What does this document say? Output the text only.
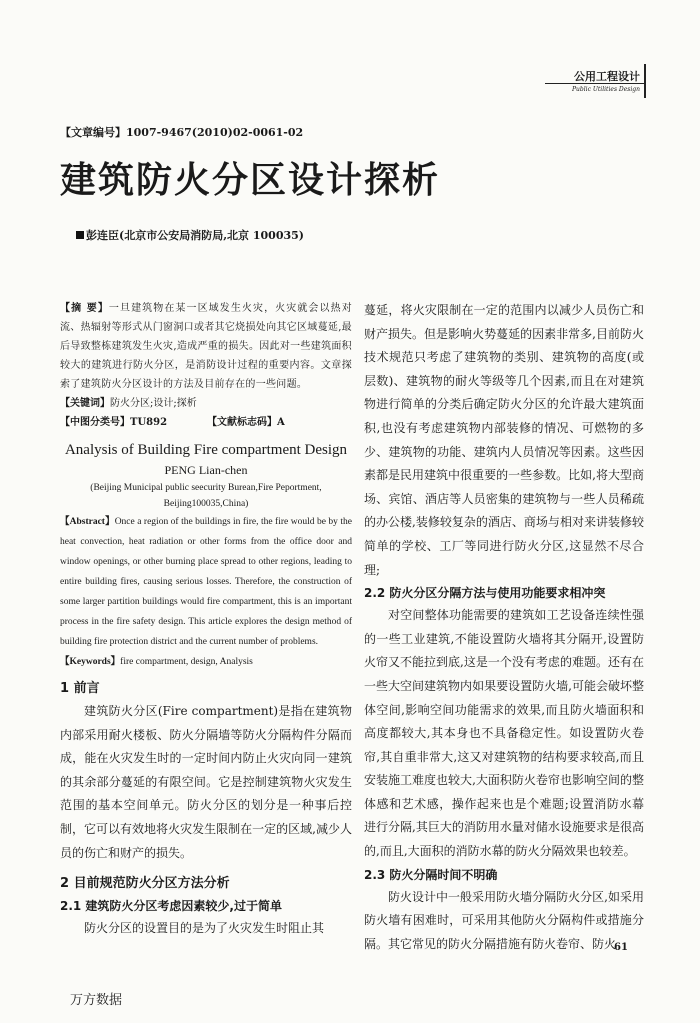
公用工程设计
Public Utilities Design
【文章编号】1007-9467(2010)02-0061-02
建筑防火分区设计探析
彭连臣(北京市公安局消防局,北京 100035)
【摘 要】一旦建筑物在某一区域发生火灾，火灾就会以热对流、热辐射等形式从门窗洞口或者其它烧损处向其它区域蔓延,最后导致整栋建筑发生火灾,造成严重的损失。因此对一些建筑面积较大的建筑进行防火分区，是消防设计过程的重要内容。文章探索了建筑防火分区设计的方法及目前存在的一些问题。
【关键词】防火分区;设计;探析
【中图分类号】TU892	【文献标志码】A
Analysis of Building Fire compartment Design
PENG Lian-chen
(Beijing Municipal public seecurity Burean,Fire Peportment,
Beijing100035,China)
【Abstract】Once a region of the buildings in fire, the fire would be by the heat convection, heat radiation or other forms from the office door and window openings, or other burning place spread to other regions, leading to entire building fires, causing serious losses. Therefore, the construction of some larger partition buildings would fire compartment, this is an important process in the fire safety design. This article explores the design method of building fire protection district and the current number of problems.
【Keywords】fire compartment, design, Analysis
1 前言

建筑防火分区(Fire compartment)是指在建筑物内部采用耐火楼板、防火分隔墙等防火分隔构件分隔而成，能在火灾发生时的一定时间内防止火灾向同一建筑的其余部分蔓延的有限空间。它是控制建筑物火灾发生范围的基本空间单元。防火分区的划分是一种事后控制，它可以有效地将火灾发生限制在一定的区域,减少人员的伤亡和财产的损失。

2 目前规范防火分区方法分析
2.1 建筑防火分区考虑因素较少,过于简单

防火分区的设置目的是为了火灾发生时阻止其

蔓延，将火灾限制在一定的范围内以减少人员伤亡和财产损失。但是影响火势蔓延的因素非常多,目前防火技术规范只考虑了建筑物的类别、建筑物的高度(或层数)、建筑物的耐火等级等几个因素,而且在对建筑物进行简单的分类后确定防火分区的允许最大建筑面积,也没有考虑建筑物内部装修的情况、可燃物的多少、建筑物的功能、建筑内人员情况等因素。这些因素都是民用建筑中很重要的一些参数。比如,将大型商场、宾馆、酒店等人员密集的建筑物与一些人员稀疏的办公楼,装修较复杂的酒店、商场与相对来讲装修较简单的学校、工厂等同进行防火分区,这显然不尽合理;

2.2 防火分区分隔方法与使用功能要求相冲突

对空间整体功能需要的建筑如工艺设备连续性强的一些工业建筑,不能设置防火墙将其分隔开,设置防火帘又不能拉到底,这是一个没有考虑的难题。还有在一些大空间建筑物内如果要设置防火墙,可能会破坏整体空间,影响空间功能需求的效果,而且防火墙面积和高度都较大,其本身也不具备稳定性。如设置防火卷帘,其自重非常大,这又对建筑物的结构要求较高,而且安装施工难度也较大,大面积防火卷帘也影响空间的整体感和艺术感，操作起来也是个难题;设置消防水幕进行分隔,其巨大的消防用水量对储水设施要求是很高的,而且,大面积的消防水幕的防火分隔效果也较差。

2.3 防火分隔时间不明确

防火设计中一般采用防火墙分隔防火分区,如采用防火墙有困难时，可采用其他防火分隔构件或措施分隔。其它常见的防火分隔措施有防火卷帘、防火

61
万方数据
